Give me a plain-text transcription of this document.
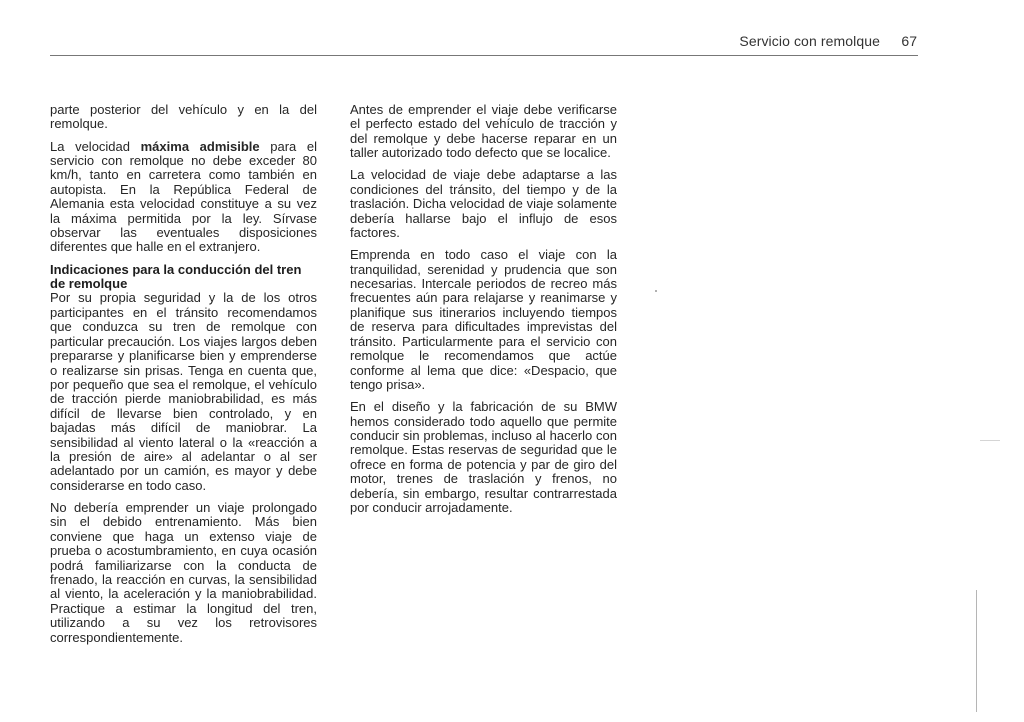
Servicio con remolque 67

parte posterior del vehículo y en la del remolque.

La velocidad máxima admisible para el servicio con remolque no debe exceder 80 km/h, tanto en carretera como también en autopista. En la República Federal de Alemania esta velocidad constituye a su vez la máxima permitida por la ley. Sírvase observar las eventuales disposiciones diferentes que halle en el extranjero.

Indicaciones para la conducción del tren de remolque

Por su propia seguridad y la de los otros participantes en el tránsito recomendamos que conduzca su tren de remolque con particular precaución. Los viajes largos deben prepararse y planificarse bien y emprenderse o realizarse sin prisas. Tenga en cuenta que, por pequeño que sea el remolque, el vehículo de tracción pierde maniobrabilidad, es más difícil de llevarse bien controlado, y en bajadas más difícil de maniobrar. La sensibilidad al viento lateral o la «reacción a la presión de aire» al adelantar o al ser adelantado por un camión, es mayor y debe considerarse en todo caso.

No debería emprender un viaje prolongado sin el debido entrenamiento. Más bien conviene que haga un extenso viaje de prueba o acostumbramiento, en cuya ocasión podrá familiarizarse con la conducta de frenado, la reacción en curvas, la sensibilidad al viento, la aceleración y la maniobrabilidad. Practique a estimar la longitud del tren, utilizando a su vez los retrovisores correspondientemente.

Antes de emprender el viaje debe verificarse el perfecto estado del vehículo de tracción y del remolque y debe hacerse reparar en un taller autorizado todo defecto que se localice.

La velocidad de viaje debe adaptarse a las condiciones del tránsito, del tiempo y de la traslación. Dicha velocidad de viaje solamente debería hallarse bajo el influjo de esos factores.

Emprenda en todo caso el viaje con la tranquilidad, serenidad y prudencia que son necesarias. Intercale periodos de recreo más frecuentes aún para relajarse y reanimarse y planifique sus itinerarios incluyendo tiempos de reserva para dificultades imprevistas del tránsito. Particularmente para el servicio con remolque le recomendamos que actúe conforme al lema que dice: «Despacio, que tengo prisa».

En el diseño y la fabricación de su BMW hemos considerado todo aquello que permite conducir sin problemas, incluso al hacerlo con remolque. Estas reservas de seguridad que le ofrece en forma de potencia y par de giro del motor, trenes de traslación y frenos, no debería, sin embargo, resultar contrarrestada por conducir arrojadamente.
